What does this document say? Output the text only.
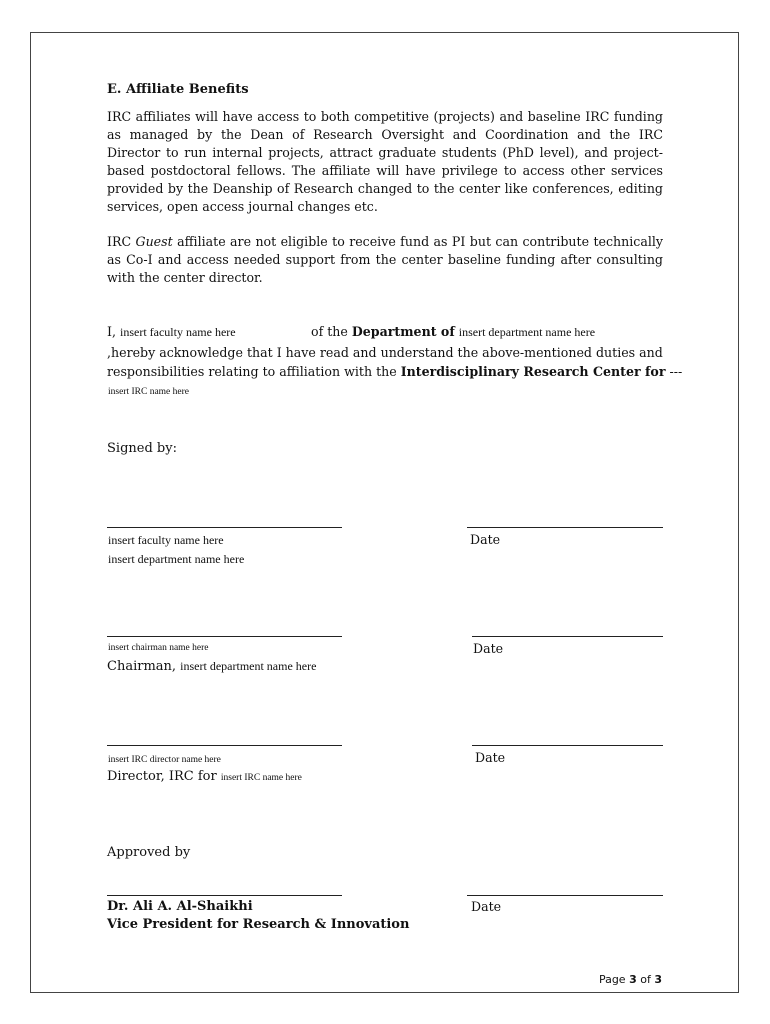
E. Affiliate Benefits
IRC affiliates will have access to both competitive (projects) and baseline IRC funding as managed by the Dean of Research Oversight and Coordination and the IRC Director to run internal projects, attract graduate students (PhD level), and project-based postdoctoral fellows. The affiliate will have privilege to access other services provided by the Deanship of Research changed to the center like conferences, editing services, open access journal changes etc.
IRC Guest affiliate are not eligible to receive fund as PI but can contribute technically as Co-I and access needed support from the center baseline funding after consulting with the center director.
I, insert faculty name here	of the Department of insert department name here
,hereby acknowledge that I have read and understand the above-mentioned duties and
responsibilities relating to affiliation with the Interdisciplinary Research Center for ---
insert IRC name here
Signed by:
insert faculty name here
insert department name here
Date
insert chairman name here	Date
Chairman, insert department name here
insert IRC director name here	Date
Director, IRC for insert IRC name here
Approved by
Dr. Ali A. Al-Shaikhi
Vice President for Research & Innovation
Date
Page 3 of 3
